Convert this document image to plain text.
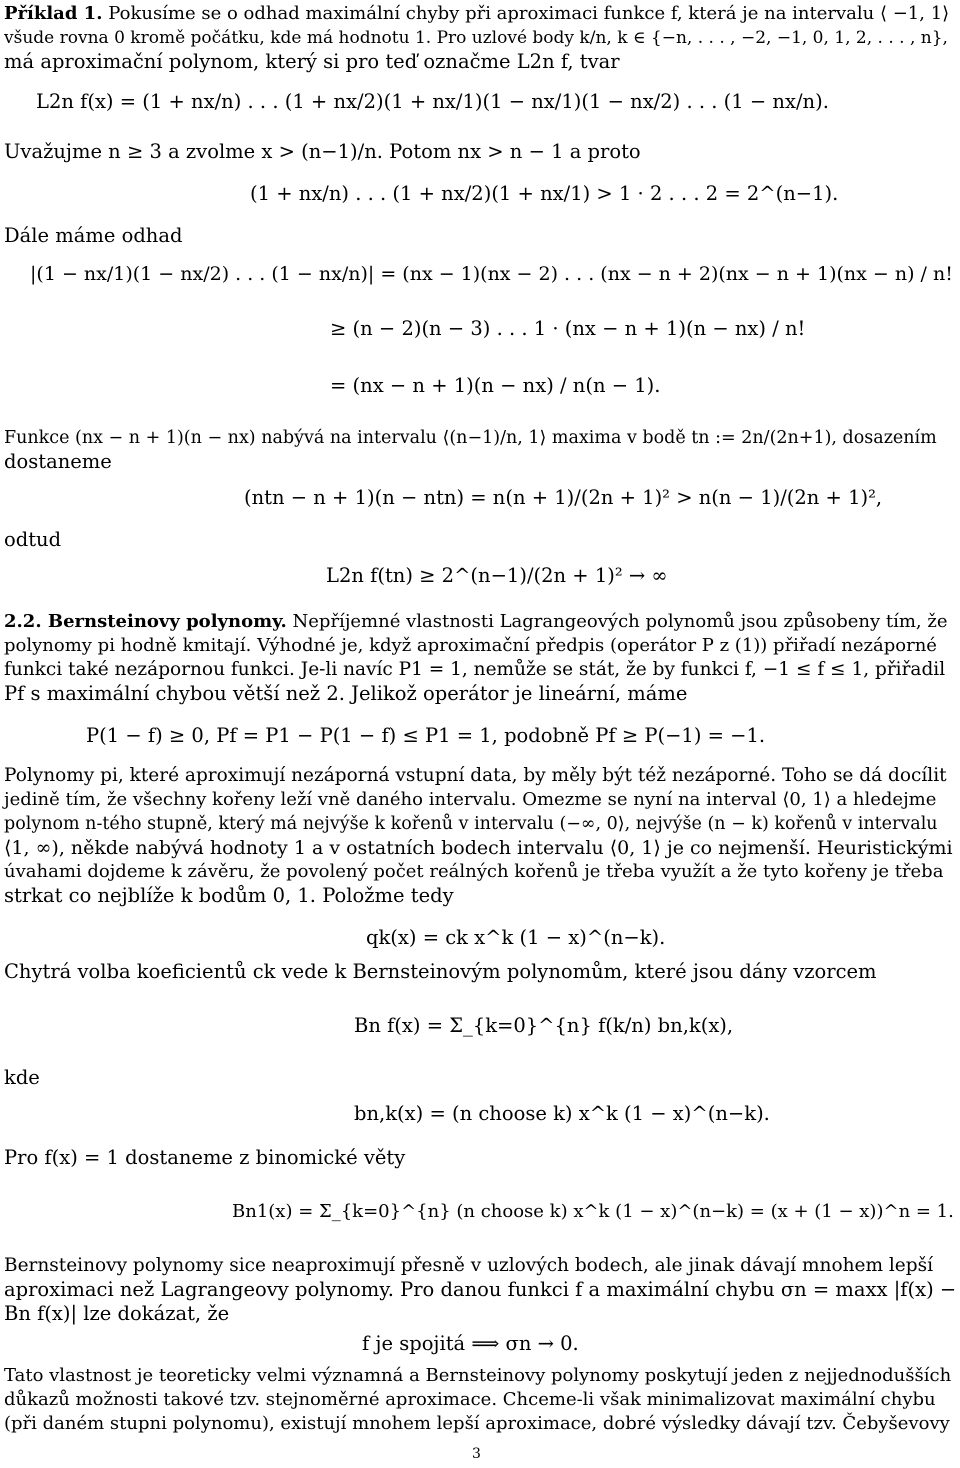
Příklad 1. Pokusíme se o odhad maximální chyby při aproximaci funkce f, která je na intervalu ⟨ −1, 1⟩
všude rovna 0 kromě počátku, kde má hodnotu 1. Pro uzlové body k/n, k ∈ {−n, . . . , −2, −1, 0, 1, 2, . . . , n},
má aproximační polynom, který si pro teď označme L2n f, tvar
L2n f(x) = (1 + nx/n) . . . (1 + nx/2)(1 + nx/1)(1 − nx/1)(1 − nx/2) . . . (1 − nx/n).
Uvažujme n ≥ 3 a zvolme x > (n−1)/n. Potom nx > n − 1 a proto
(1 + nx/n) . . . (1 + nx/2)(1 + nx/1) > 1 · 2 . . . 2 = 2^(n−1).
Dále máme odhad
|(1 − nx/1)(1 − nx/2) . . . (1 − nx/n)| = (nx − 1)(nx − 2) . . . (nx − n + 2)(nx − n + 1)(nx − n) / n!
≥ (n − 2)(n − 3) . . . 1 · (nx − n + 1)(n − nx) / n!
= (nx − n + 1)(n − nx) / n(n − 1).
Funkce (nx − n + 1)(n − nx) nabývá na intervalu ⟨(n−1)/n, 1⟩ maxima v bodě tn := 2n/(2n+1), dosazením
dostaneme
(ntn − n + 1)(n − ntn) = n(n + 1)/(2n + 1)² > n(n − 1)/(2n + 1)²,
odtud
L2n f(tn) ≥ 2^(n−1)/(2n + 1)² → ∞
2.2. Bernsteinovy polynomy. Nepříjemné vlastnosti Lagrangeových polynomů jsou způsobeny tím, že
polynomy pi hodně kmitají. Výhodné je, když aproximační předpis (operátor P z (1)) přiřadí nezáporné
funkci také nezápornou funkci. Je-li navíc P1 = 1, nemůže se stát, že by funkci f, −1 ≤ f ≤ 1, přiřadil
Pf s maximální chybou větší než 2. Jelikož operátor je lineární, máme
P(1 − f) ≥ 0, Pf = P1 − P(1 − f) ≤ P1 = 1, podobně Pf ≥ P(−1) = −1.
Polynomy pi, které aproximují nezáporná vstupní data, by měly být též nezáporné. Toho se dá docílit
jedině tím, že všechny kořeny leží vně daného intervalu. Omezme se nyní na interval ⟨0, 1⟩ a hledejme
polynom n-tého stupně, který má nejvýše k kořenů v intervalu (−∞, 0⟩, nejvýše (n − k) kořenů v intervalu
⟨1, ∞), někde nabývá hodnoty 1 a v ostatních bodech intervalu ⟨0, 1⟩ je co nejmenší. Heuristickými
úvahami dojdeme k závěru, že povolený počet reálných kořenů je třeba využít a že tyto kořeny je třeba
strkat co nejblíže k bodům 0, 1. Položme tedy
qk(x) = ck x^k (1 − x)^(n−k).
Chytrá volba koeficientů ck vede k Bernsteinovým polynomům, které jsou dány vzorcem
Bn f(x) = Σ_{k=0}^{n} f(k/n) bn,k(x),
kde
bn,k(x) = (n choose k) x^k (1 − x)^(n−k).
Pro f(x) = 1 dostaneme z binomické věty
Bn1(x) = Σ_{k=0}^{n} (n choose k) x^k (1 − x)^(n−k) = (x + (1 − x))^n = 1.
Bernsteinovy polynomy sice neaproximují přesně v uzlových bodech, ale jinak dávají mnohem lepší
aproximaci než Lagrangeovy polynomy. Pro danou funkci f a maximální chybu σn = maxx |f(x) −
Bn f(x)| lze dokázat, že
f je spojitá ⟹ σn → 0.
Tato vlastnost je teoreticky velmi významná a Bernsteinovy polynomy poskytují jeden z nejjednodušších
důkazů možnosti takové tzv. stejnoměrné aproximace. Chceme-li však minimalizovat maximální chybu
(při daném stupni polynomu), existují mnohem lepší aproximace, dobré výsledky dávají tzv. Čebyševovy
3
